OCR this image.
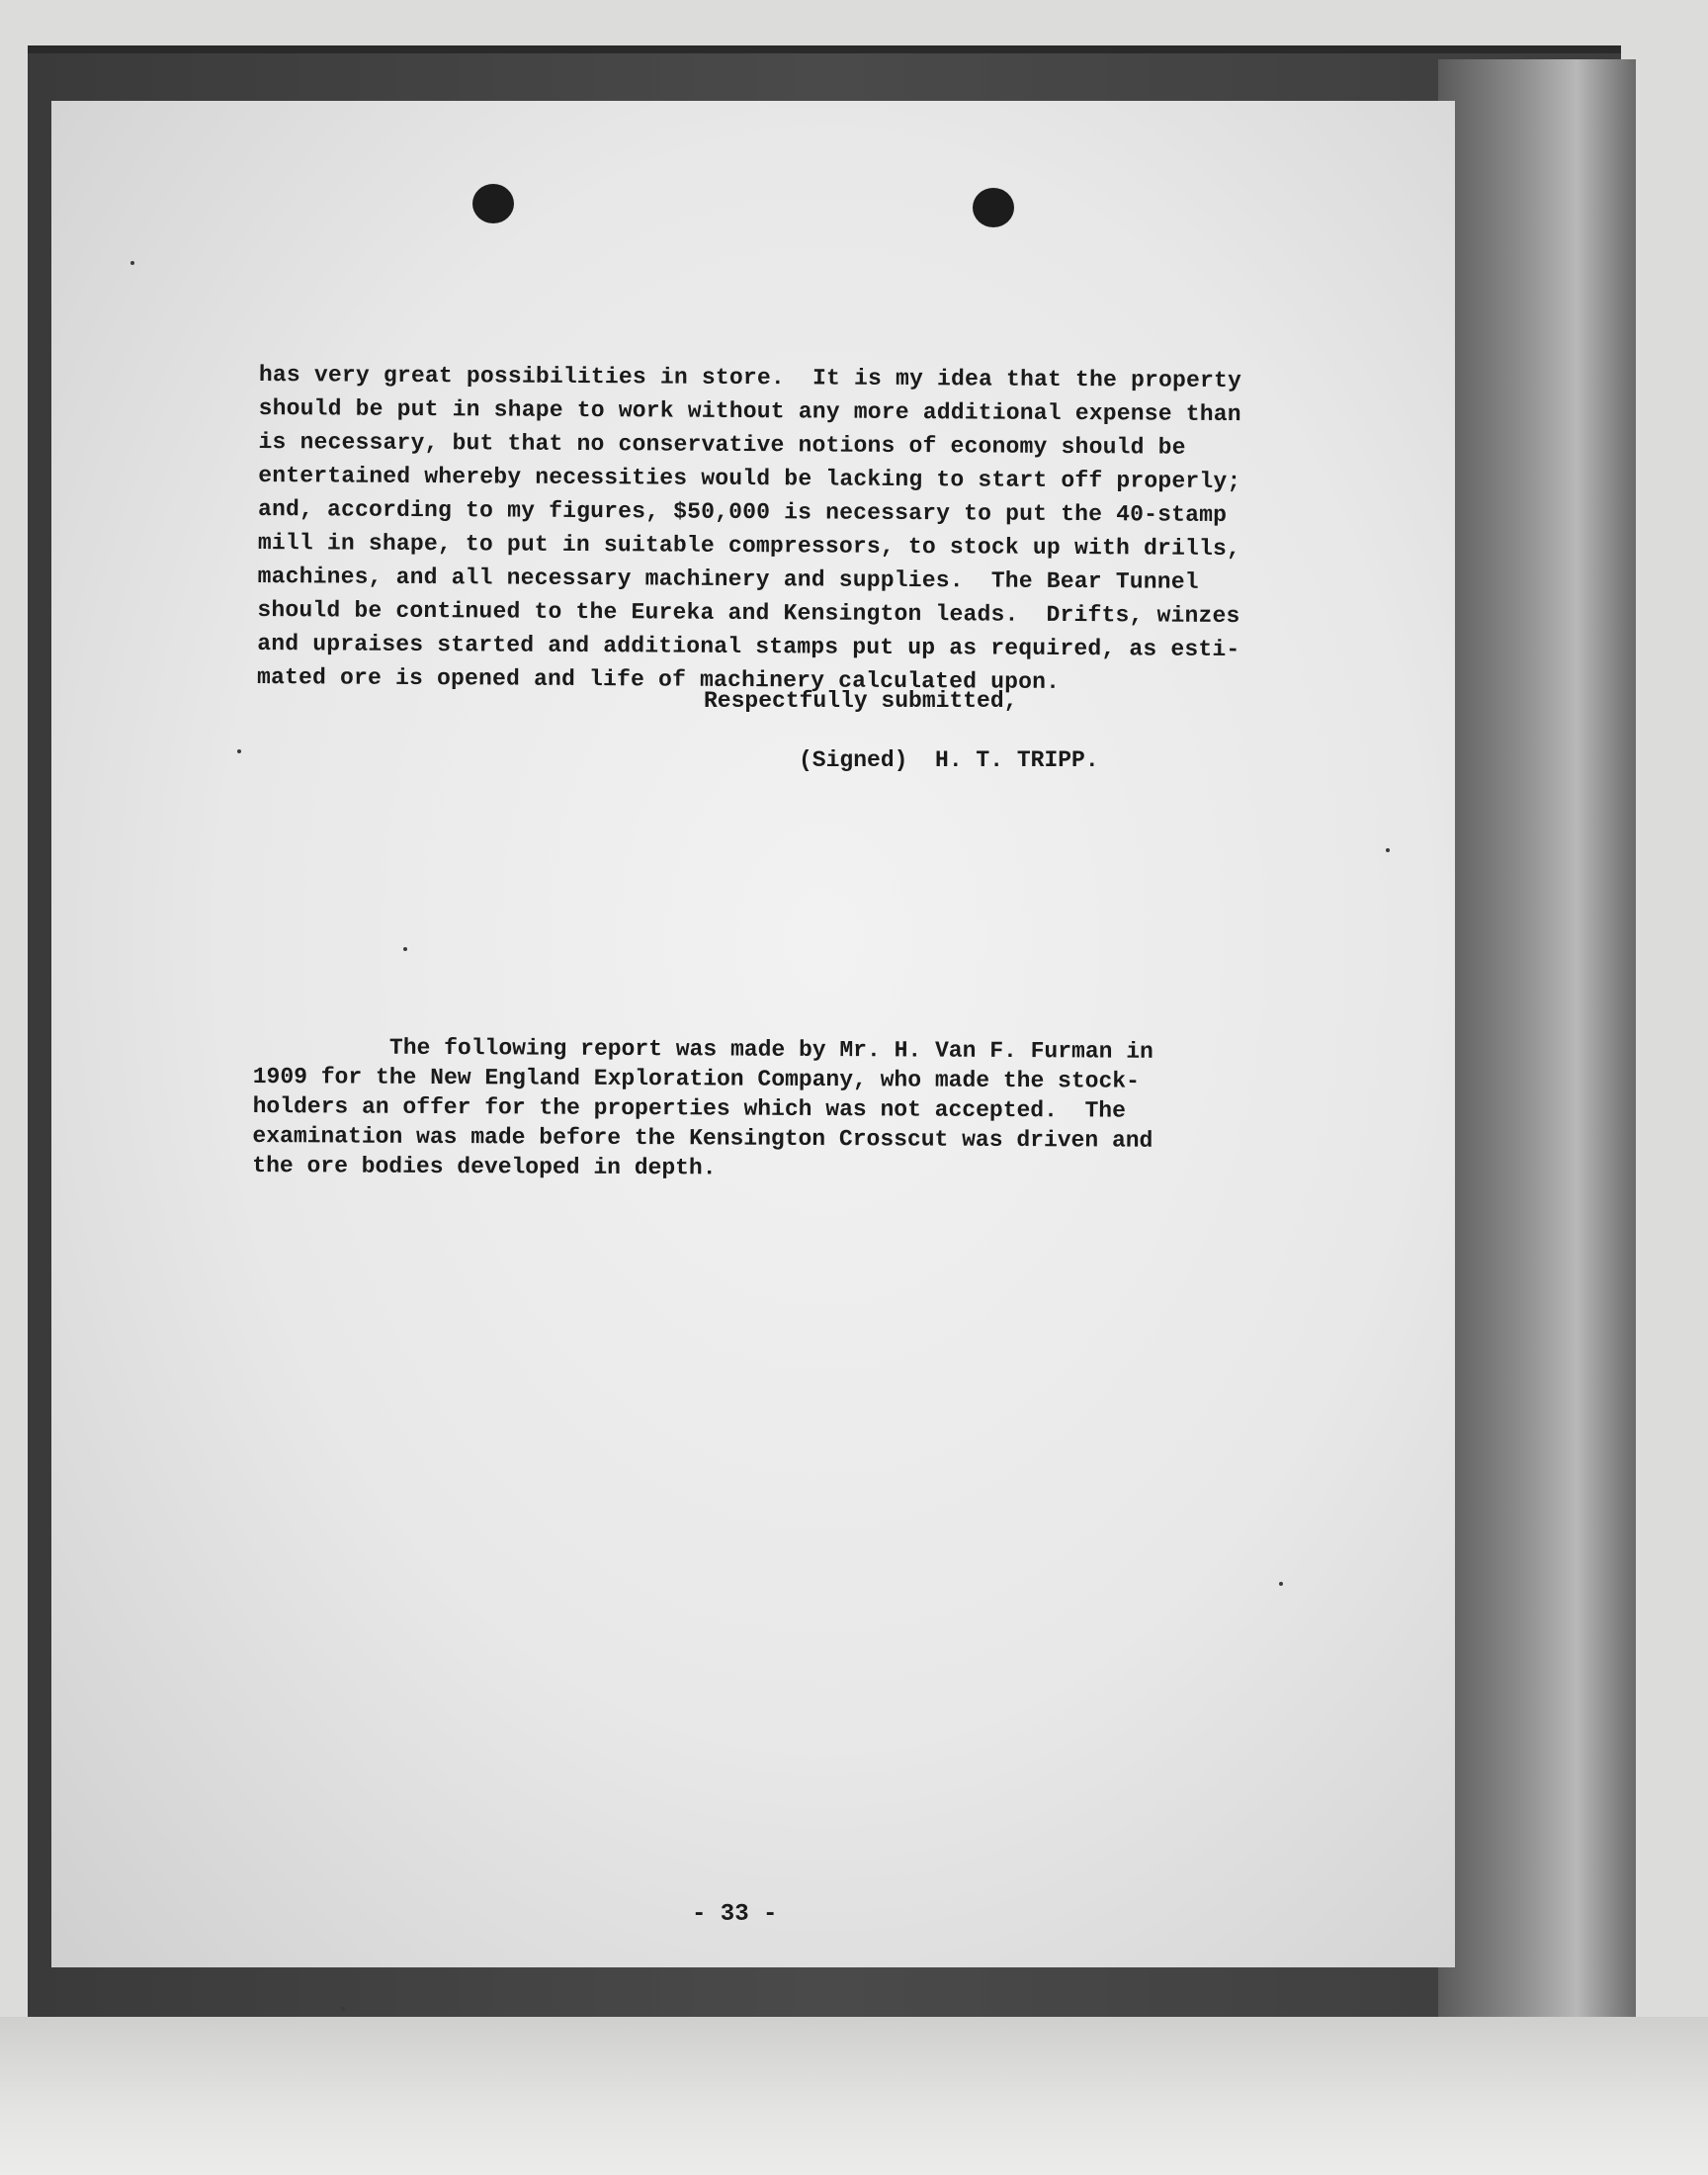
has very great possibilities in store.  It is my idea that the property
should be put in shape to work without any more additional expense than
is necessary, but that no conservative notions of economy should be
entertained whereby necessities would be lacking to start off properly;
and, according to my figures, $50,000 is necessary to put the 40-stamp
mill in shape, to put in suitable compressors, to stock up with drills,
machines, and all necessary machinery and supplies.  The Bear Tunnel
should be continued to the Eureka and Kensington leads.  Drifts, winzes
and upraises started and additional stamps put up as required, as esti-
mated ore is opened and life of machinery calculated upon.

Respectfully submitted,

(Signed)  H. T. TRIPP.

The following report was made by Mr. H. Van F. Furman in
1909 for the New England Exploration Company, who made the stock-
holders an offer for the properties which was not accepted.  The
examination was made before the Kensington Crosscut was driven and
the ore bodies developed in depth.

- 33 -
